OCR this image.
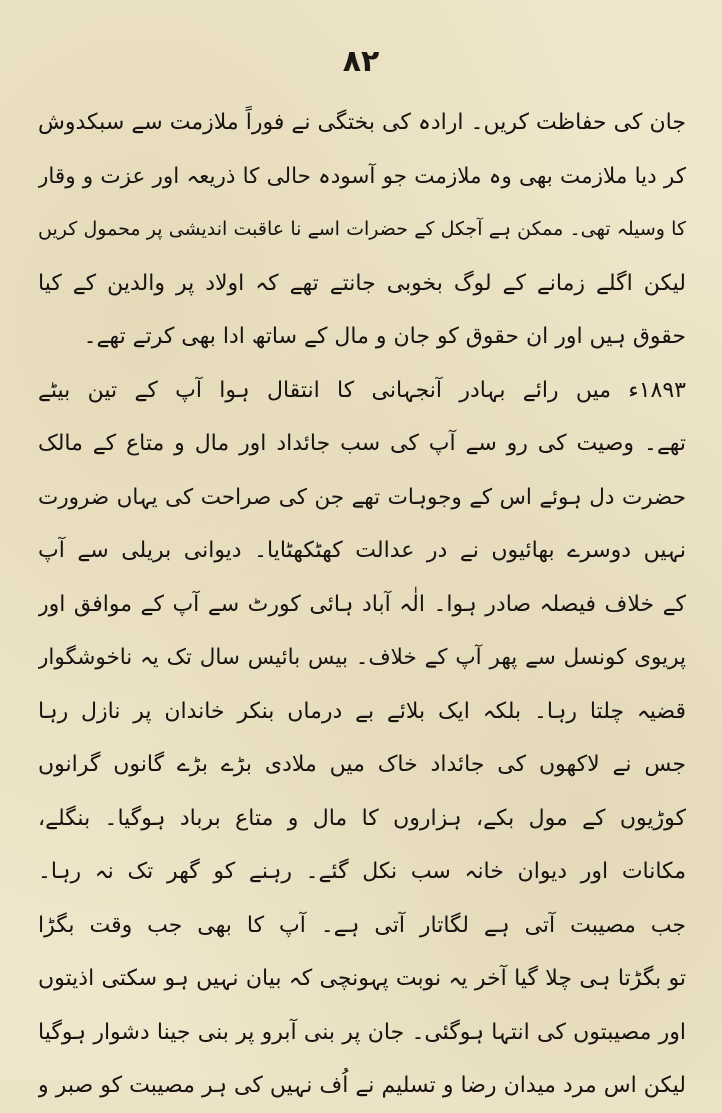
۸۲
جان کی حفاظت کریں۔ ارادہ کی بختگی نے فوراً ملازمت سے سبکدوش
کر دیا ملازمت بھی وہ ملازمت جو آسودہ حالی کا ذریعہ اور عزت و وقار
کا وسیلہ تھی۔ ممکن ہے آجکل کے حضرات اسے نا عاقبت اندیشی پر محمول کریں
لیکن اگلے زمانے کے لوگ بخوبی جانتے تھے کہ اولاد پر والدین کے کیا
حقوق ہیں اور ان حقوق کو جان و مال کے ساتھ ادا بھی کرتے تھے۔
۱۸۹۳ء میں رائے بہادر آنجہانی کا انتقال ہوا آپ کے تین بیٹے
تھے۔ وصیت کی رو سے آپ کی سب جائداد اور مال و متاع کے مالک
حضرت دل ہوئے اس کے وجوہات تھے جن کی صراحت کی یہاں ضرورت
نہیں دوسرے بھائیوں نے در عدالت کھٹکھٹایا۔ دیوانی بریلی سے آپ
کے خلاف فیصلہ صادر ہوا۔ الٰہ آباد ہائی کورٹ سے آپ کے موافق اور
پریوی کونسل سے پھر آپ کے خلاف۔ بیس بائیس سال تک یہ ناخوشگوار
قضیہ چلتا رہا۔ بلکہ ایک بلائے بے درماں بنکر خاندان پر نازل رہا
جس نے لاکھوں کی جائداد خاک میں ملادی بڑے بڑے گانوں گرانوں
کوڑیوں کے مول بکے، ہزاروں کا مال و متاع برباد ہوگیا۔ بنگلے،
مکانات اور دیوان خانہ سب نکل گئے۔ رہنے کو گھر تک نہ رہا۔
جب مصیبت آتی ہے لگاتار آتی ہے۔ آپ کا بھی جب وقت بگڑا
تو بگڑتا ہی چلا گیا آخر یہ نوبت پہونچی کہ بیان نہیں ہو سکتی اذیتوں
اور مصیبتوں کی انتہا ہوگئی۔ جان پر بنی آبرو پر بنی جینا دشوار ہوگیا
لیکن اس مرد میدان رضا و تسلیم نے اُف نہیں کی ہر مصیبت کو صبر و
